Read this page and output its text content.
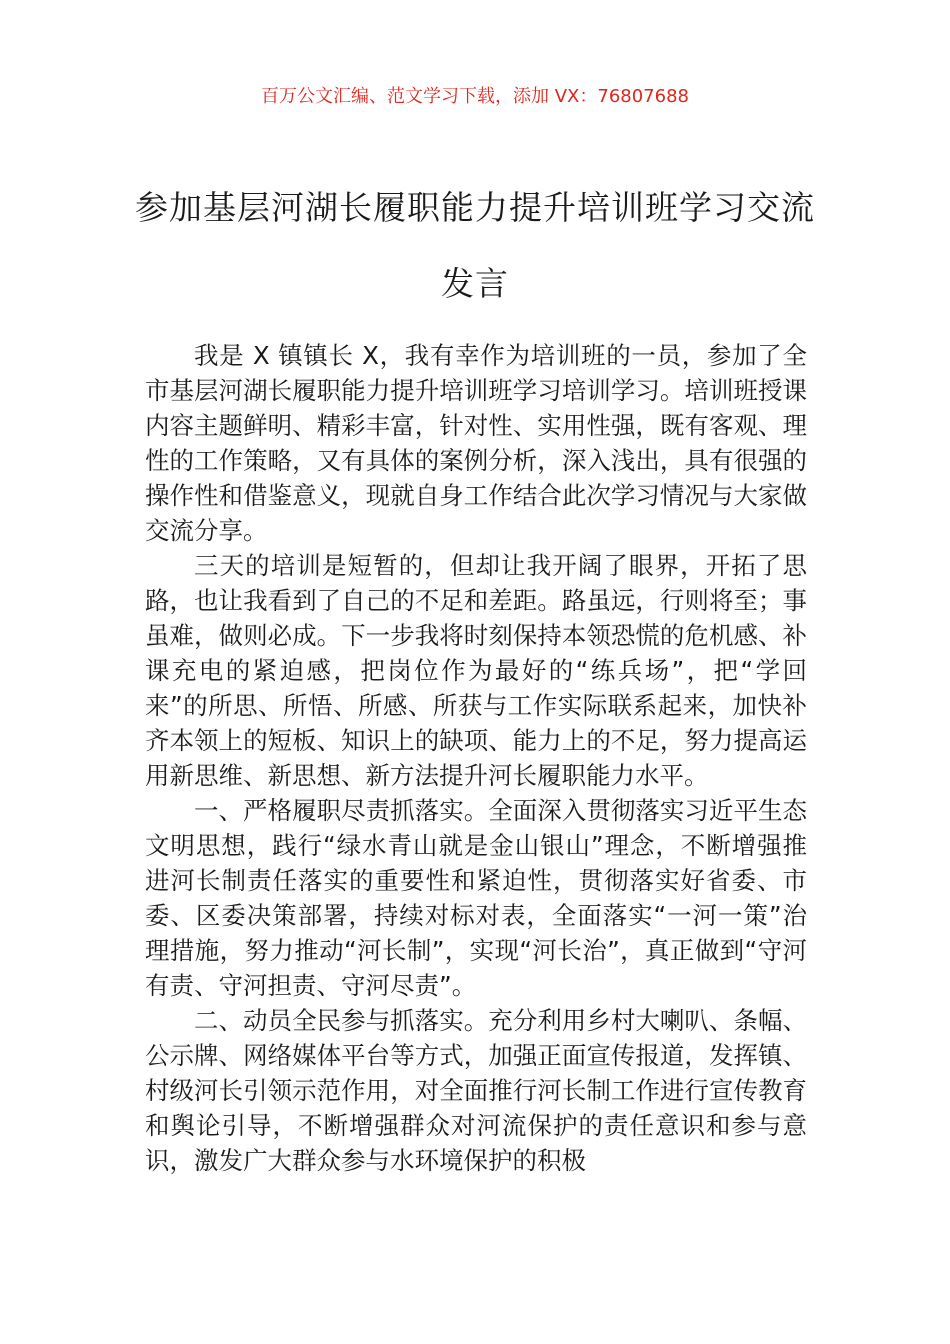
百万公文汇编、范文学习下载，添加 VX：76807688
参加基层河湖长履职能力提升培训班学习交流发言

我是 X 镇镇长 X，我有幸作为培训班的一员，参加了全市基层河湖长履职能力提升培训班学习培训学习。培训班授课内容主题鲜明、精彩丰富，针对性、实用性强，既有客观、理性的工作策略，又有具体的案例分析，深入浅出，具有很强的操作性和借鉴意义，现就自身工作结合此次学习情况与大家做交流分享。

三天的培训是短暂的，但却让我开阔了眼界，开拓了思路，也让我看到了自己的不足和差距。路虽远，行则将至；事虽难，做则必成。下一步我将时刻保持本领恐慌的危机感、补课充电的紧迫感，把岗位作为最好的“练兵场”，把“学回来”的所思、所悟、所感、所获与工作实际联系起来，加快补齐本领上的短板、知识上的缺项、能力上的不足，努力提高运用新思维、新思想、新方法提升河长履职能力水平。

一、严格履职尽责抓落实。全面深入贯彻落实习近平生态文明思想，践行“绿水青山就是金山银山”理念，不断增强推进河长制责任落实的重要性和紧迫性，贯彻落实好省委、市委、区委决策部署，持续对标对表，全面落实“一河一策”治理措施，努力推动“河长制”，实现“河长治”，真正做到“守河有责、守河担责、守河尽责”。

二、动员全民参与抓落实。充分利用乡村大喇叭、条幅、公示牌、网络媒体平台等方式，加强正面宣传报道，发挥镇、村级河长引领示范作用，对全面推行河长制工作进行宣传教育和舆论引导，不断增强群众对河流保护的责任意识和参与意识，激发广大群众参与水环境保护的积极
